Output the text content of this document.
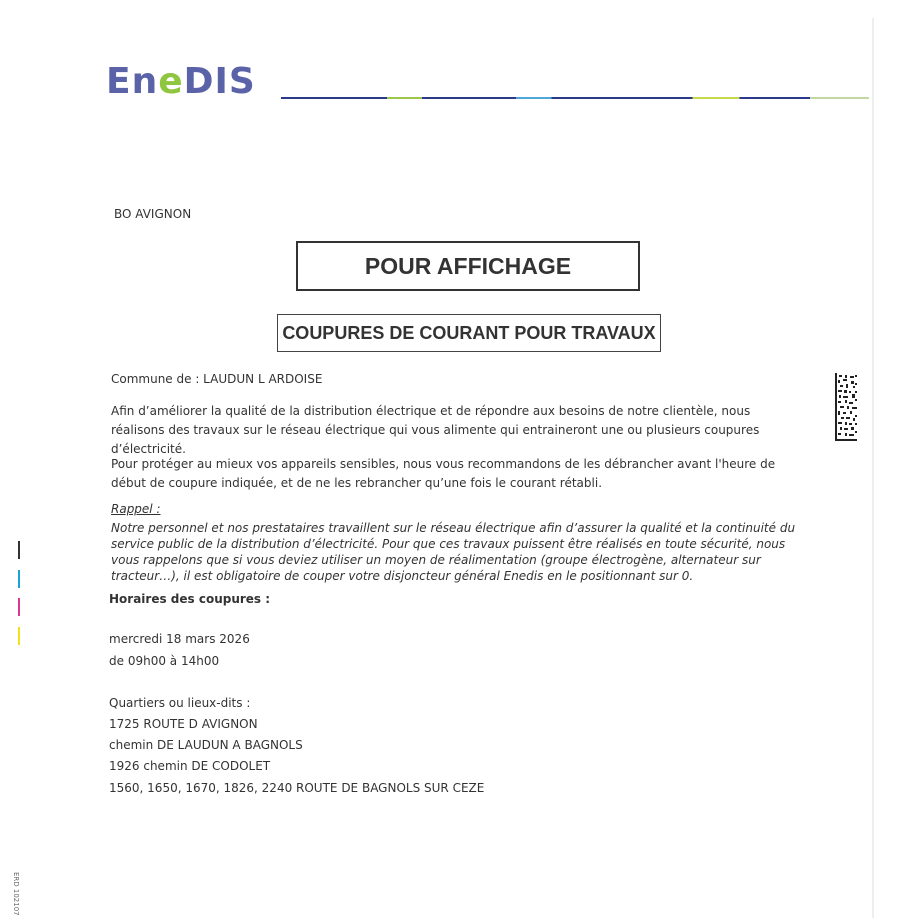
EneDIS
BO AVIGNON
POUR AFFICHAGE
COUPURES DE COURANT POUR TRAVAUX
Commune de : LAUDUN L ARDOISE
Afin d’améliorer la qualité de la distribution électrique et de répondre aux besoins de notre clientèle, nous réalisons des travaux sur le réseau électrique qui vous alimente qui entraineront une ou plusieurs coupures d’électricité.
Pour protéger au mieux vos appareils sensibles, nous vous recommandons de les débrancher avant l'heure de début de coupure indiquée, et de ne les rebrancher qu’une fois le courant rétabli.
Rappel :
Notre personnel et nos prestataires travaillent sur le réseau électrique afin d’assurer la qualité et la continuité du service public de la distribution d’électricité. Pour que ces travaux puissent être réalisés en toute sécurité, nous vous rappelons que si vous deviez utiliser un moyen de réalimentation (groupe électrogène, alternateur sur tracteur…), il est obligatoire de couper votre disjoncteur général Enedis en le positionnant sur 0.
Horaires des coupures :
mercredi 18 mars 2026
de 09h00 à 14h00
Quartiers ou lieux-dits :
1725 ROUTE D AVIGNON
chemin DE LAUDUN A BAGNOLS
1926 chemin DE CODOLET
1560, 1650, 1670, 1826, 2240 ROUTE DE BAGNOLS SUR CEZE
ERD 102107
